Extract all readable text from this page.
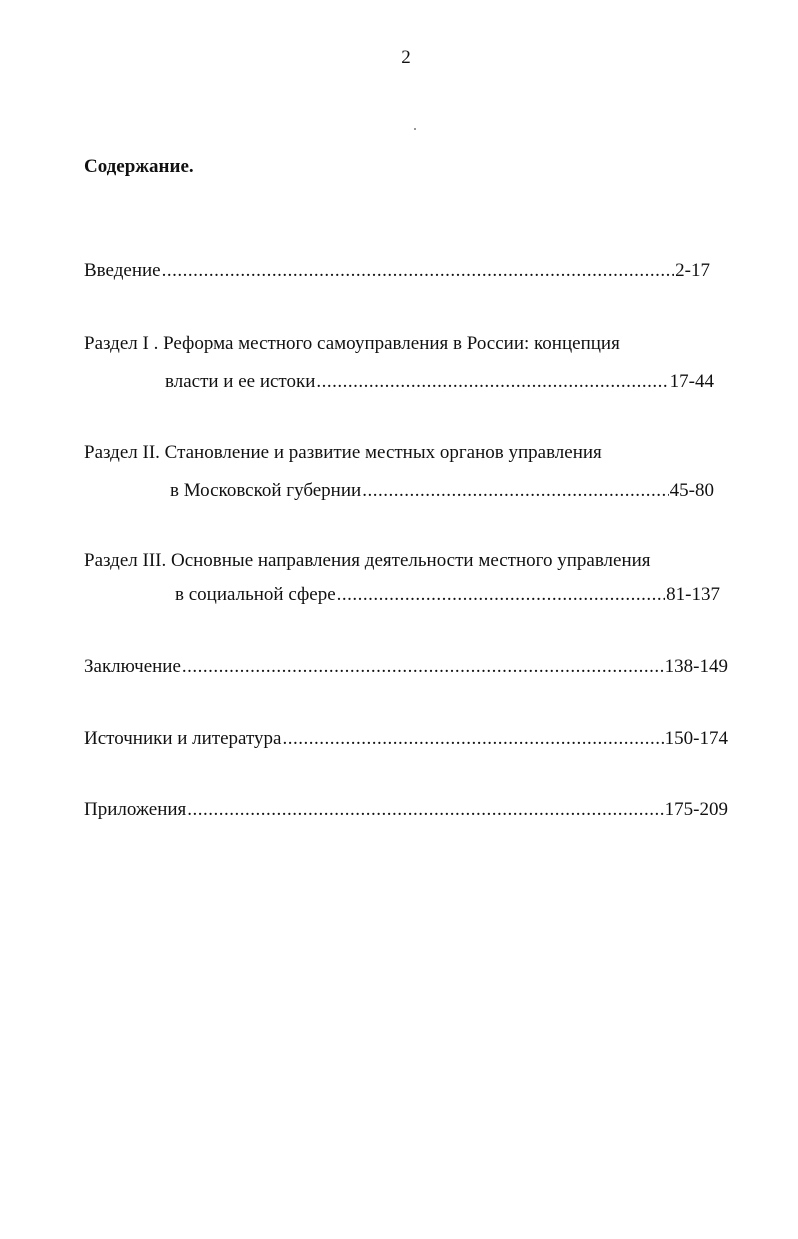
2
Содержание.
Введение .....	2-17
Раздел I . Реформа местного самоуправления в России: концепция
власти и ее истоки .....	17-44
Раздел II. Становление и развитие местных органов управления
в Московской губернии .....	45-80
Раздел III. Основные направления деятельности местного управления
в социальной сфере .....	81-137
Заключение .....	138-149
Источники и литература .....	150-174
Приложения .....	175-209
